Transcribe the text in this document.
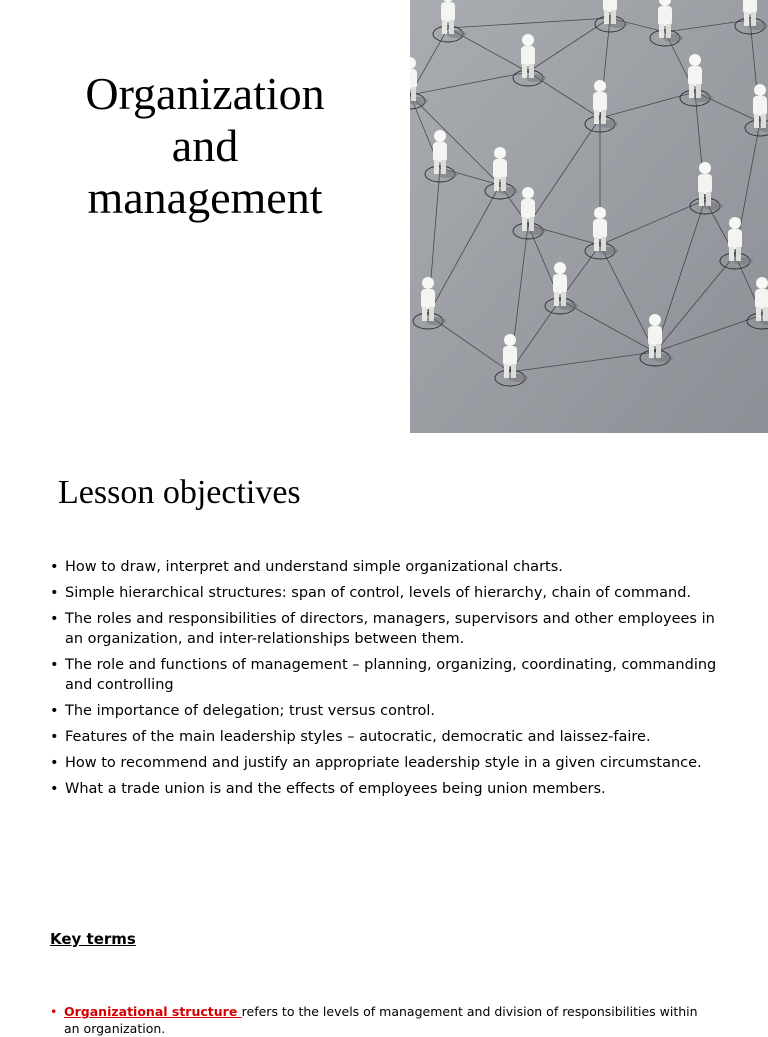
Organization
and
management
Lesson objectives
• How to draw, interpret and understand simple organizational charts.
• Simple hierarchical structures: span of control, levels of hierarchy, chain of command.
• The roles and responsibilities of directors, managers, supervisors and other employees in an organization, and inter-relationships between them.
• The role and functions of management – planning, organizing, coordinating, commanding and controlling
• The importance of delegation; trust versus control.
• Features of the main leadership styles – autocratic, democratic and laissez-faire.
• How to recommend and justify an appropriate leadership style in a given circumstance.
• What a trade union is and the effects of employees being union members.
Key terms
• Organizational structure refers to the levels of management and division of responsibilities within an organization.
